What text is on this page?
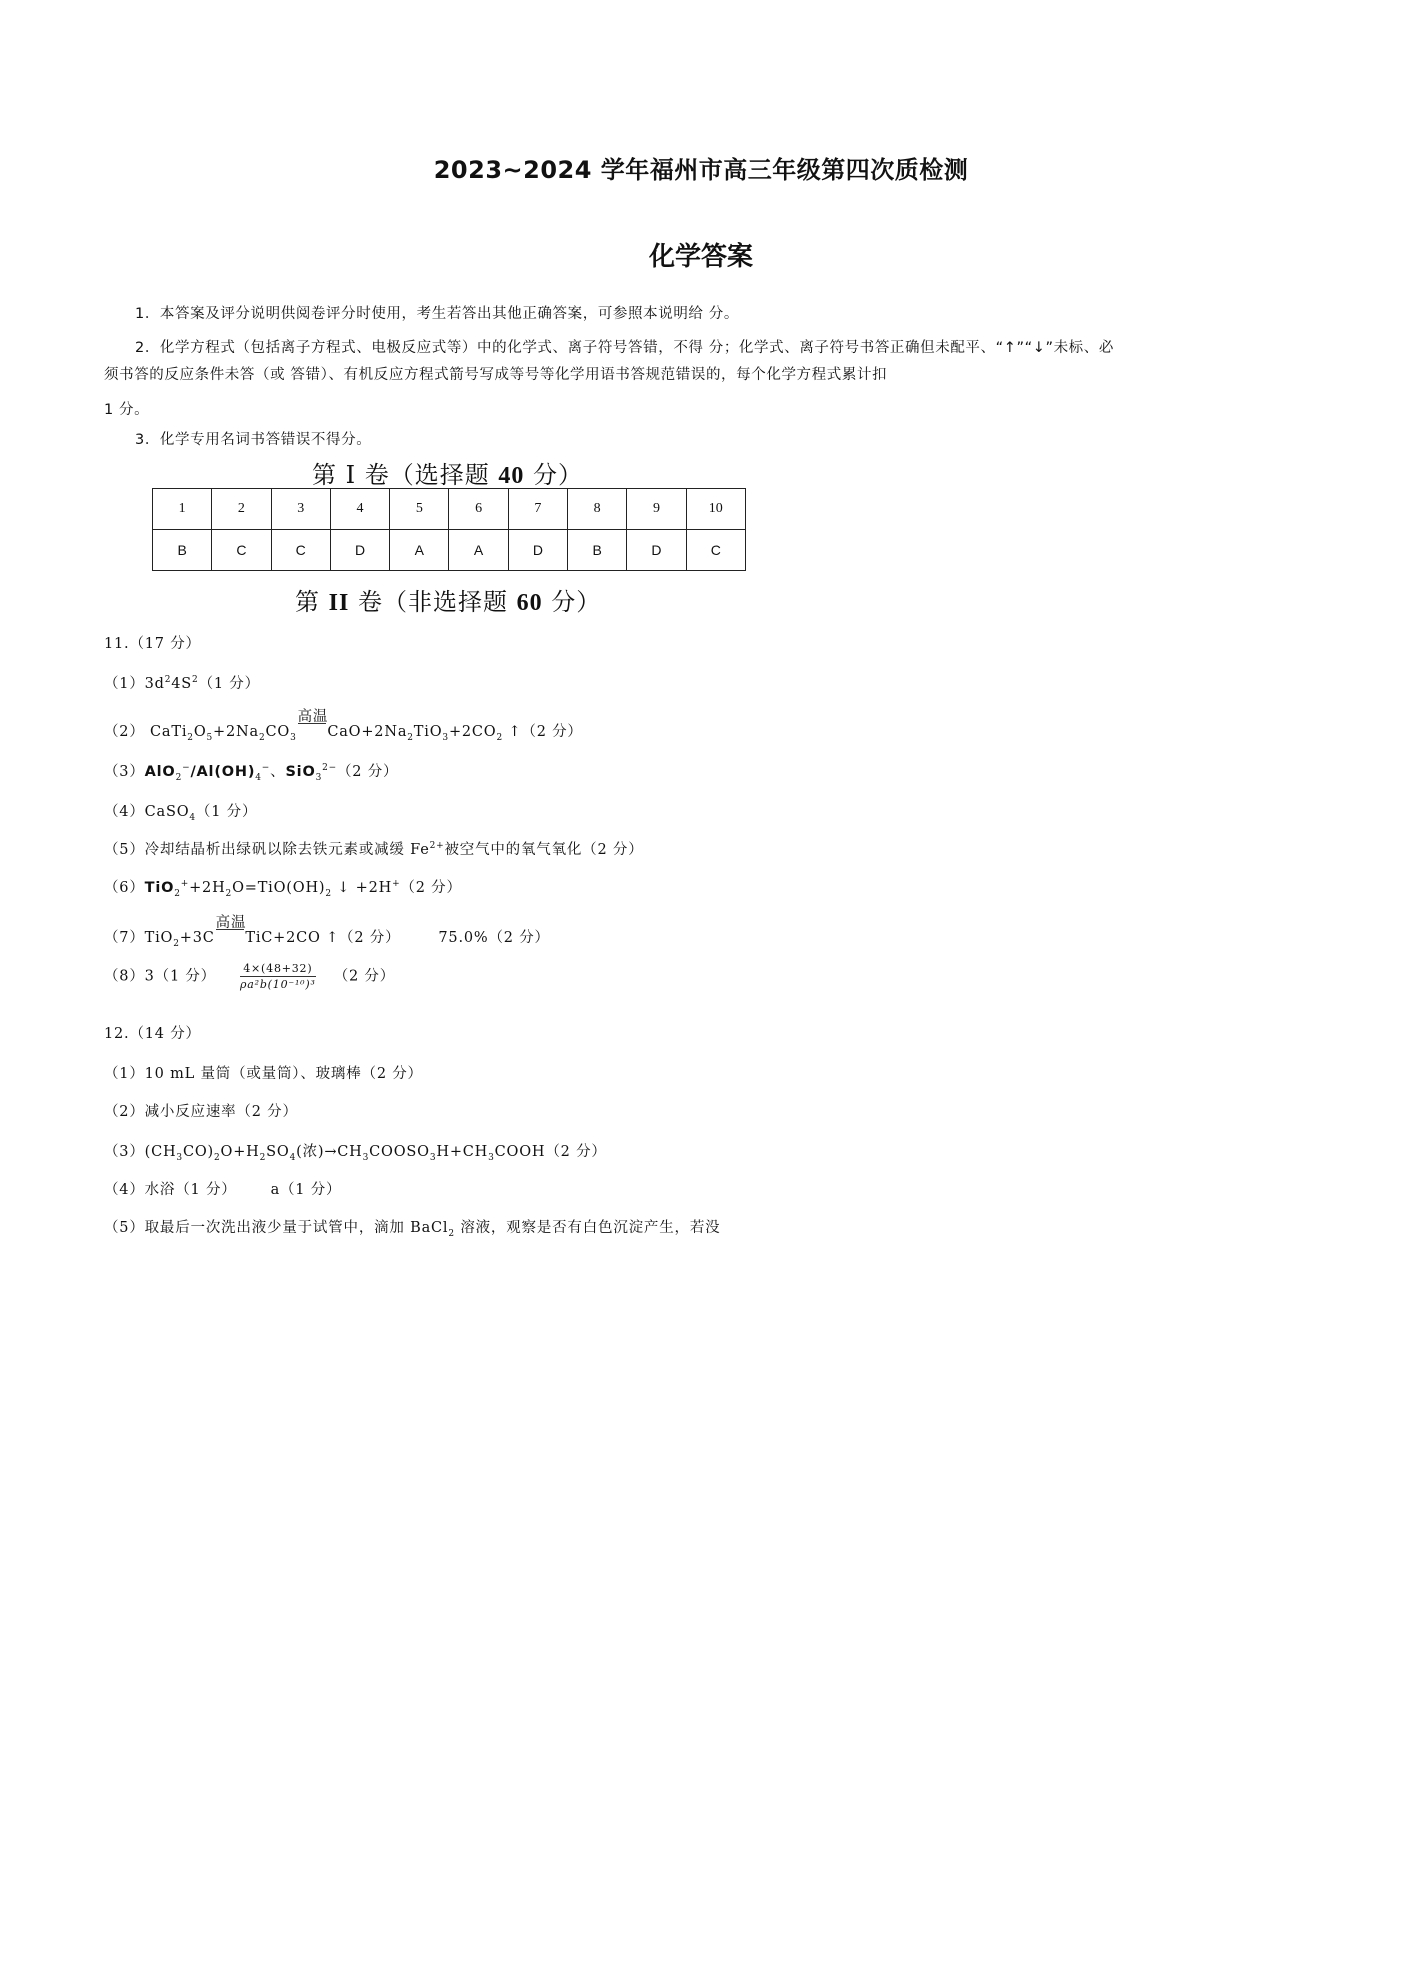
2023~2024 学年福州市高三年级第四次质检测
化学答案
1．本答案及评分说明供阅卷评分时使用，考生若答出其他正确答案，可参照本说明给 分。
2．化学方程式（包括离子方程式、电极反应式等）中的化学式、离子符号答错，不得 分；化学式、离子符号书答正确但未配平、“↑”“↓”未标、必
须书答的反应条件未答（或 答错）、有机反应方程式箭号写成等号等化学用语书答规范错误的，每个化学方程式累计扣
1 分。
3．化学专用名词书答错误不得分。
第 Ⅰ 卷（选择题 40 分）
1	2	3	4	5	6	7	8	9	10
B	C	C	D	A	A	D	B	D	C
第 II 卷（非选择题 60 分）
11.（17 分）
$(1)3d^24S^2(1$ 分）
（2） $CaTi_2O_5+2Na_2CO_3$
高温
           $CaO+2Na_2TiO_3+2CO_2$ ↑（2 分）
$(3)AlO_2^-/Al(OH)_4^-$、SiO$_3^{2-}$（2 分）
（4）CaSO$_4$（1 分）
（5）冷却结晶析出绿矾以除去铁元素或减缓 $Fe^{2+}$被空气中的氧气氧化（2 分）
$(6)TiO_2^++2H_2O=TiO(OH)_2$ ↓ +2H+（2 分）
（7）TiO$_2$+3C
高温
           TiC+2CO ↑（2 分）	75.0%（2 分）
（8）3（1 分） $\frac{4\times(48+32)}{\text{ρa²b(10⁻¹⁰)³}} (2$ 分）
12.（14 分）
（1）10 mL 量筒（或量筒）、玻璃棒（2 分）
（2）减小反应速率（2 分）
$(3)(CH_3CO)_2O+H_2SO_4$(浓)$\to CH_3COOSO_3H+CH_3COOH(2$ 分）
（4）水浴（1 分） a（1 分）
（5）取最后一次洗出液少量于试管中，滴加 BaCl$_2$ 溶液，观察是否有白色沉淀产生，若没
